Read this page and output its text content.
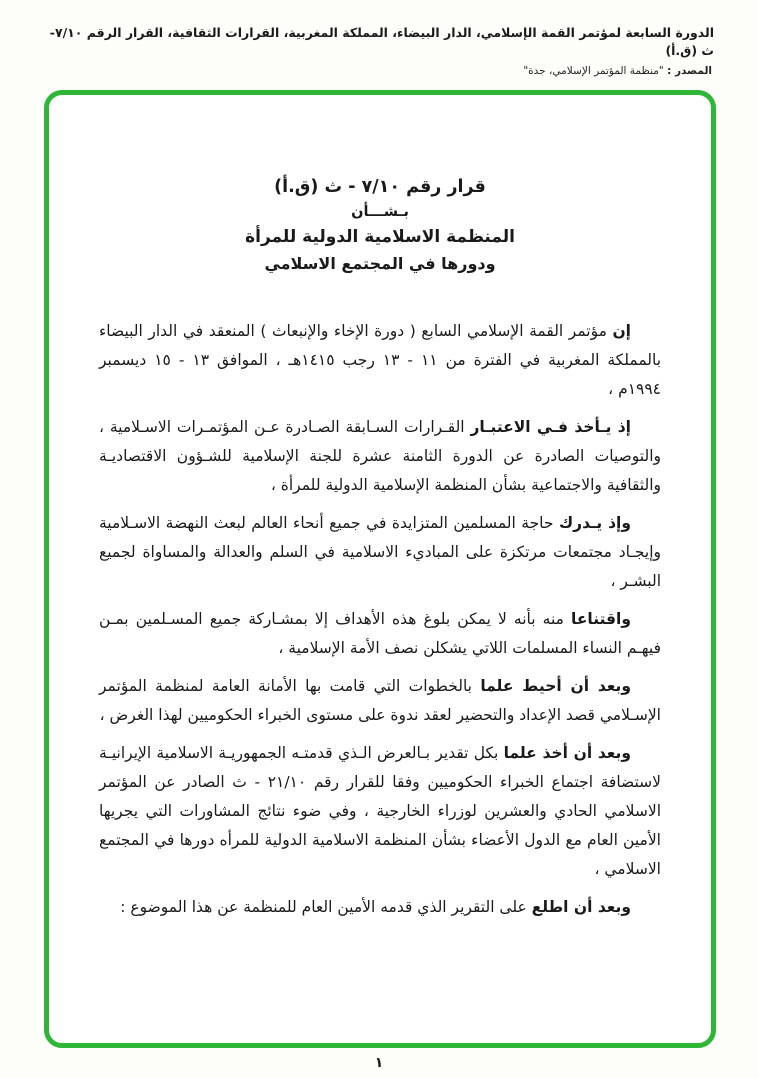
الدورة السابعة لمؤتمر القمة الإسلامي، الدار البيضاء، المملكة المغربية، القرارات الثقافية، القرار الرقم ٧/١٠-ث (ق.أ)
المصدر : "منظمة المؤتمر الإسلامي، جدة"
قرار رقم ٧/١٠ - ث (ق.أ)
بـشـــأن
المنظمة الاسلامية الدولية للمرأة
ودورها في المجتمع الاسلامي

إن مؤتمر القمة الإسلامي السابع ( دورة الإخاء والإنبعاث ) المنعقد في الدار البيضاء بالمملكة المغربية في الفترة من ١١ - ١٣ رجب ١٤١٥هـ ، الموافق ١٣ - ١٥ ديسمبر ١٩٩٤م ،

إذ يـأخذ فـي الاعتبـار القـرارات السـابقة الصـادرة عـن المؤتمـرات الاسـلامية ، والتوصيات الصادرة عن الدورة الثامنة عشرة للجنة الإسلامية للشـؤون الاقتصاديـة والثقافية والاجتماعية بشأن المنظمة الإسلامية الدولية للمرأة ،

وإذ يـدرك حاجة المسلمين المتزايدة في جميع أنحاء العالم لبعث النهضة الاسـلامية وإيجـاد مجتمعات مرتكزة على المباديء الاسلامية في السلم والعدالة والمساواة لجميع البشـر ،

واقتناعا منه بأنه لا يمكن بلوغ هذه الأهداف إلا بمشـاركة جميع المسـلمين بمـن فيهـم النساء المسلمات اللاتي يشكلن نصف الأمة الإسلامية ،

وبعد أن أحيط علما بالخطوات التي قامت بها الأمانة العامة لمنظمة المؤتمر الإسـلامي قصد الإعداد والتحضير لعقد ندوة على مستوى الخبراء الحكوميين لهذا الغرض ،

وبعد أن أخذ علما بكل تقدير بـالعرض الـذي قدمتـه الجمهوريـة الاسلامية الإيرانيـة لاستضافة اجتماع الخبراء الحكوميين وفقا للقرار رقم ٢١/١٠ - ث الصادر عن المؤتمر الاسلامي الحادي والعشرين لوزراء الخارجية ، وفي ضوء نتائج المشاورات التي يجريها الأمين العام مع الدول الأعضاء بشأن المنظمة الاسلامية الدولية للمرأه دورها في المجتمع الاسلامي ،

وبعد أن اطلع على التقرير الذي قدمه الأمين العام للمنظمة عن هذا الموضوع :

١
